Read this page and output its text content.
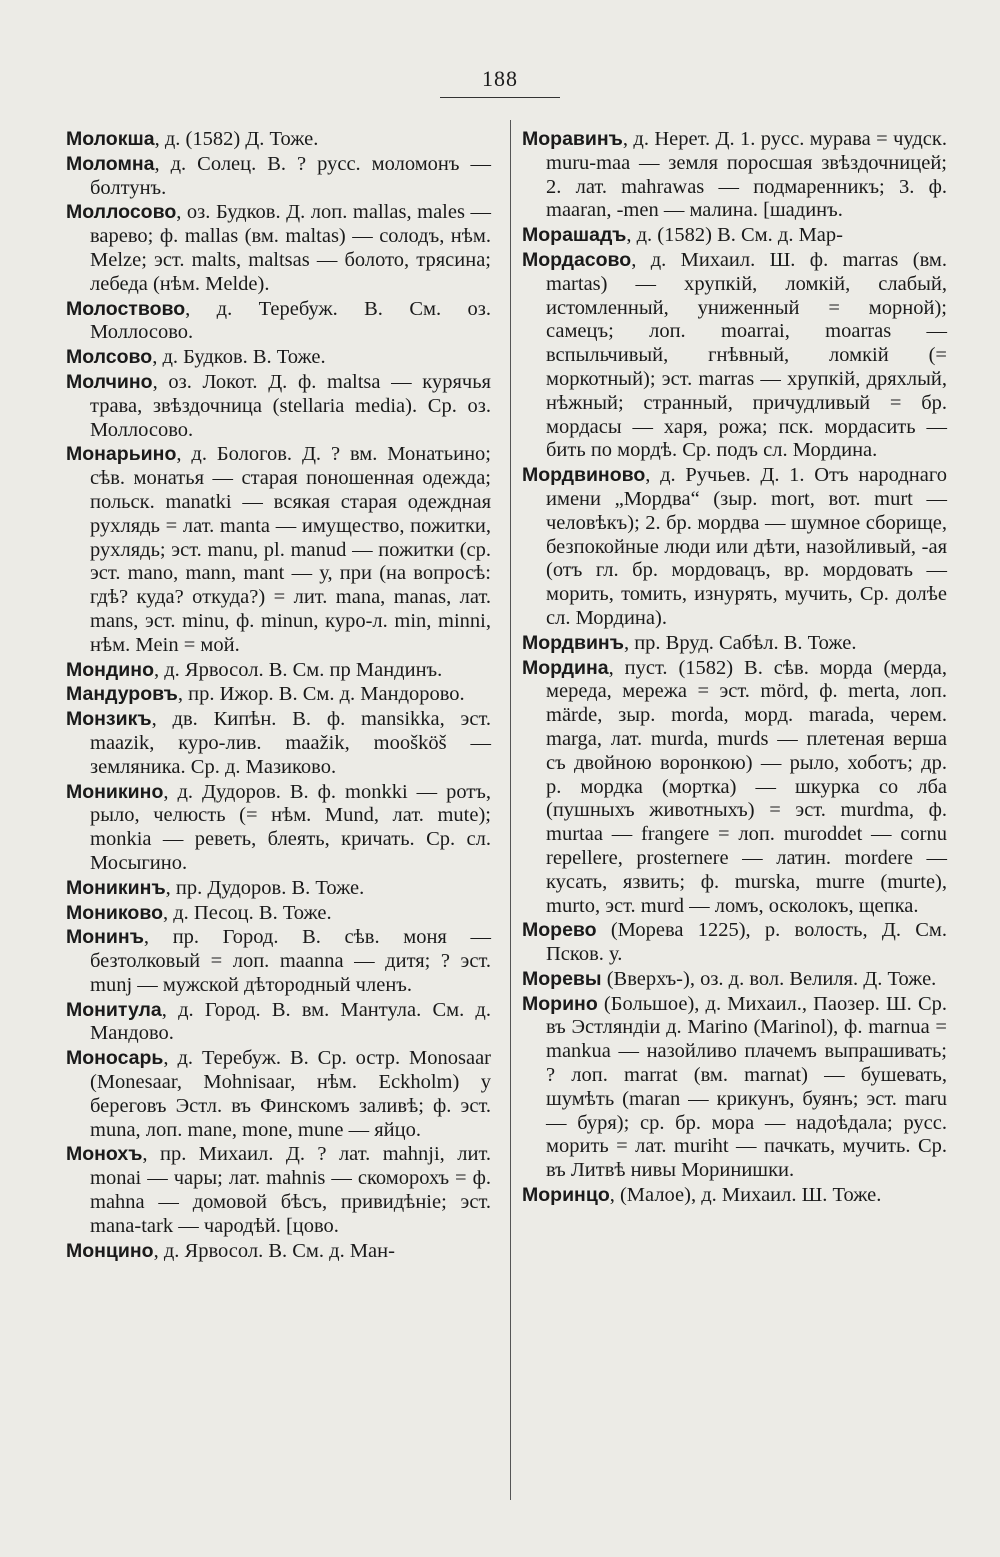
188
Молокша, д. (1582) Д. Тоже.
Моломна, д. Солец. В. ? русс. моломонъ — болтунъ.
Моллосово, оз. Будков. Д. лоп. mallas, males — варево; ф. mallas (вм. maltas) — солодъ, нѣм. Melze; эст. malts, maltsas — болото, трясина; лебеда (нѣм. Melde).
Молоствово, д. Теребуж. В. См. оз. Моллосово.
Молсово, д. Будков. В. Тоже.
Молчино, оз. Локот. Д. ф. maltsa — курячья трава, звѣздочница (stellaria media). Ср. оз. Моллосово.
Монарьино, д. Бологов. Д. ? вм. Монатьино; сѣв. монатья — старая поношенная одежда; польск. manatki — всякая старая одеждная рухлядь = лат. manta — имущество, пожитки, рухлядь; эст. manu, pl. manud — пожитки (ср. эст. mano, mann, mant — у, при (на вопросѣ: гдѣ? куда? откуда?) = лит. mana, manas, лат. mans, эст. minu, ф. minun, куро-л. min, minni, нѣм. Mein = мой.
Мондино, д. Ярвосол. В. См. пр Мандинъ.
Мандуровъ, пр. Ижор. В. См. д. Мандорово.
Монзикъ, дв. Кипѣн. В. ф. mansikka, эст. maazik, куро-лив. maažik, moošköš — земляника. Ср. д. Мазиково.
Моникино, д. Дудоров. В. ф. monkki — ротъ, рыло, челюсть (= нѣм. Mund, лат. mute); monkia — реветь, блеять, кричать. Ср. сл. Мосыгино.
Моникинъ, пр. Дудоров. В. Тоже.
Мониково, д. Песоц. В. Тоже.
Монинъ, пр. Город. В. сѣв. моня — безтолковый = лоп. maanna — дитя; ? эст. munj — мужской дѣтородный членъ.
Монитула, д. Город. В. вм. Мантула. См. д. Мандово.
Моносарь, д. Теребуж. В. Ср. остр. Monosaar (Monesaar, Mohnisaar, нѣм. Eckholm) у береговъ Эстл. въ Финскомъ заливѣ; ф. эст. muna, лоп. mane, mone, mune — яйцо.
Монохъ, пр. Михаил. Д. ? лат. mahnji, лит. monai — чары; лат. mahnis — скоморохъ = ф. mahna — домовой бѣсъ, привидѣніе; эст. mana-tark — чародѣй. [цово.
Монцино, д. Ярвосол. В. См. д. Ман-
Моравинъ, д. Нерет. Д. 1. русс. мурава = чудск. muru-maa — земля поросшая звѣздочницей; 2. лат. mahrawas — подмаренникъ; 3. ф. maaran, -men — малина. [шадинъ.
Морашадъ, д. (1582) В. См. д. Мар-
Мордасово, д. Михаил. Ш. ф. marras (вм. martas) — хрупкій, ломкій, слабый, истомленный, униженный = морной); самецъ; лоп. moarrai, moarras — вспыльчивый, гнѣвный, ломкій (= моркотный); эст. marras — хрупкій, дряхлый, нѣжный; странный, причудливый = бр. мордасы — харя, рожа; пск. мордасить — бить по мордѣ. Ср. подъ сл. Мордина.
Мордвиново, д. Ручьев. Д. 1. Отъ народнаго имени „Мордва“ (зыр. mort, вот. murt — человѣкъ); 2. бр. мордва — шумное сборище, безпокойные люди или дѣти, назойливый, -ая (отъ гл. бр. мордовацъ, вр. мордовать — морить, томить, изнурять, мучить, Ср. долѣе сл. Мордина).
Мордвинъ, пр. Вруд. Сабѣл. В. Тоже.
Мордина, пуст. (1582) В. сѣв. морда (мерда, мереда, мережа = эст. mörd, ф. merta, лоп. märde, зыр. morda, морд. marada, черем. marga, лат. murda, murds — плетеная верша съ двойною воронкою) — рыло, хоботъ; др. р. мордка (мортка) — шкурка со лба (пушныхъ животныхъ) = эст. murdma, ф. murtaa — frangere = лоп. muroddet — cornu repellere, prosternere — латин. mordere — кусать, язвить; ф. murska, murre (murte), murto, эст. murd — ломъ, осколокъ, щепка.
Морево (Морева 1225), р. волость, Д. См. Псков. у.
Моревы (Вверхъ-), оз. д. вол. Велиля. Д. Тоже.
Морино (Большое), д. Михаил., Паозер. Ш. Ср. въ Эстляндіи д. Marino (Marinol), ф. marnua = mankua — назойливо плачемъ выпрашивать; ? лоп. marrat (вм. marnat) — бушевать, шумѣть (maran — крикунъ, буянъ; эст. maru — буря); ср. бр. мора — надоѣдала; русс. морить = лат. muriht — пачкать, мучить. Ср. въ Литвѣ нивы Моринишки.
Моринцо, (Малое), д. Михаил. Ш. Тоже.
